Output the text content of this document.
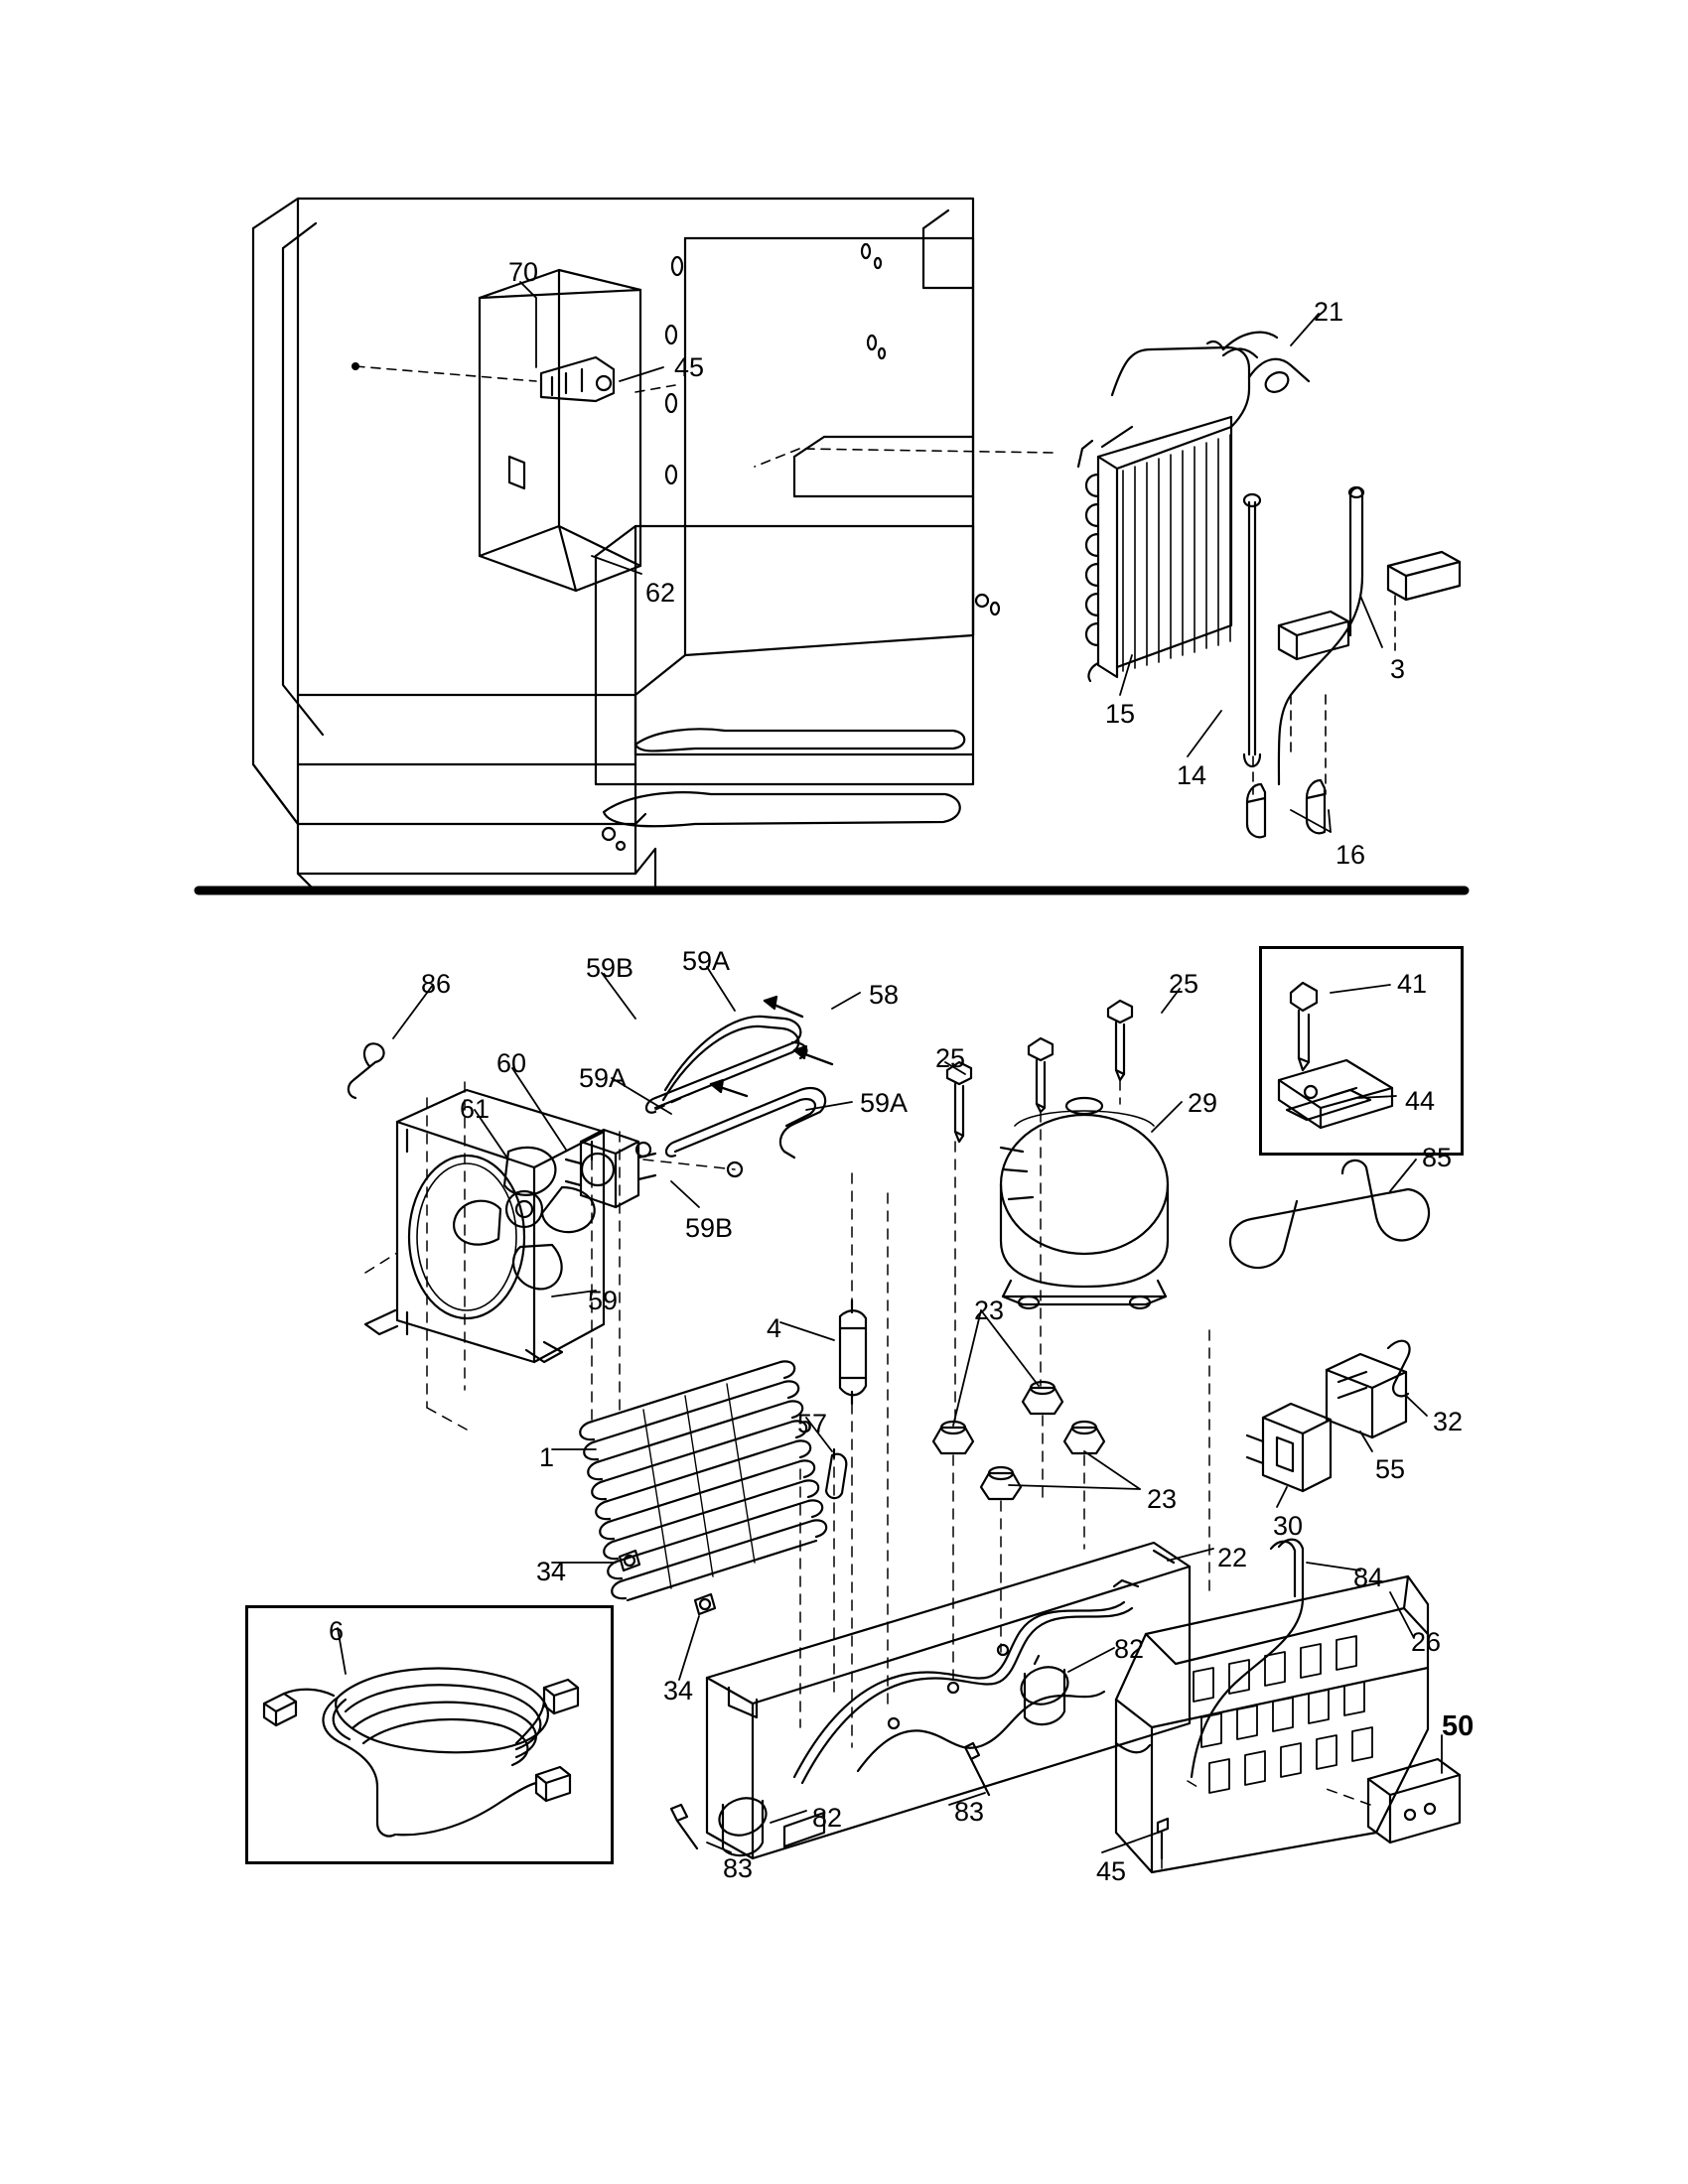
70
45
62
21
3
15
14
16
86
59B 59A
58	25	41
60 59A
59A
25
29
61	44
59B
85
59
4
23
32
55
1
57
23
30
34	22
84
6
34
82	26
50
82	83
83	45
